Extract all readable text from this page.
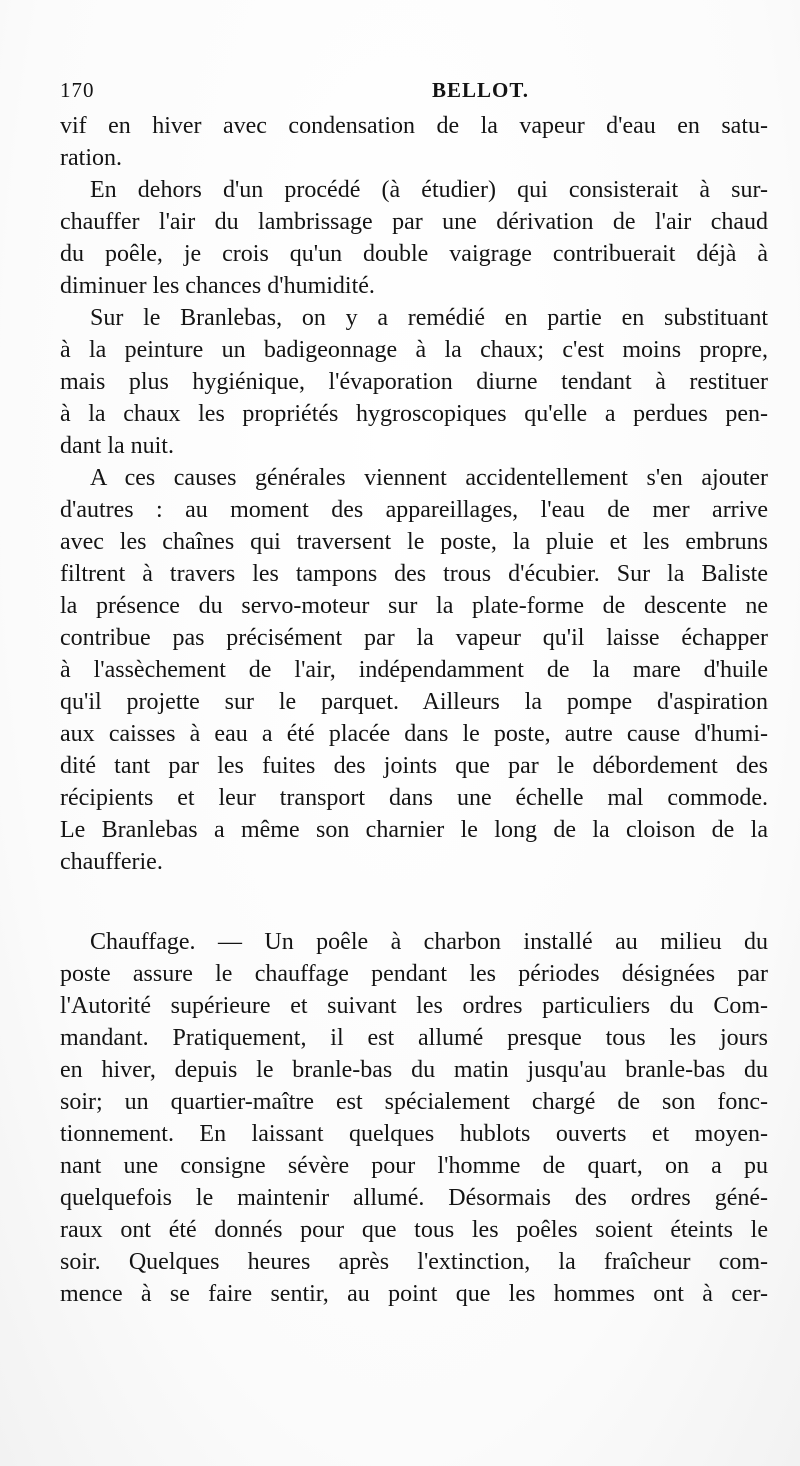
170	BELLOT.
vif en hiver avec condensation de la vapeur d'eau en satu-
ration.
En dehors d'un procédé (à étudier) qui consisterait à sur-
chauffer l'air du lambrissage par une dérivation de l'air chaud
du poêle, je crois qu'un double vaigrage contribuerait déjà à
diminuer les chances d'humidité.
Sur le Branlebas, on y a remédié en partie en substituant
à la peinture un badigeonnage à la chaux; c'est moins propre,
mais plus hygiénique, l'évaporation diurne tendant à restituer
à la chaux les propriétés hygroscopiques qu'elle a perdues pen-
dant la nuit.
A ces causes générales viennent accidentellement s'en ajouter
d'autres : au moment des appareillages, l'eau de mer arrive
avec les chaînes qui traversent le poste, la pluie et les embruns
filtrent à travers les tampons des trous d'écubier. Sur la Baliste
la présence du servo-moteur sur la plate-forme de descente ne
contribue pas précisément par la vapeur qu'il laisse échapper
à l'assèchement de l'air, indépendamment de la mare d'huile
qu'il projette sur le parquet. Ailleurs la pompe d'aspiration
aux caisses à eau a été placée dans le poste, autre cause d'humi-
dité tant par les fuites des joints que par le débordement des
récipients et leur transport dans une échelle mal commode.
Le Branlebas a même son charnier le long de la cloison de la
chaufferie.
Chauffage. — Un poêle à charbon installé au milieu du
poste assure le chauffage pendant les périodes désignées par
l'Autorité supérieure et suivant les ordres particuliers du Com-
mandant. Pratiquement, il est allumé presque tous les jours
en hiver, depuis le branle-bas du matin jusqu'au branle-bas du
soir; un quartier-maître est spécialement chargé de son fonc-
tionnement. En laissant quelques hublots ouverts et moyen-
nant une consigne sévère pour l'homme de quart, on a pu
quelquefois le maintenir allumé. Désormais des ordres géné-
raux ont été donnés pour que tous les poêles soient éteints le
soir. Quelques heures après l'extinction, la fraîcheur com-
mence à se faire sentir, au point que les hommes ont à cer-
